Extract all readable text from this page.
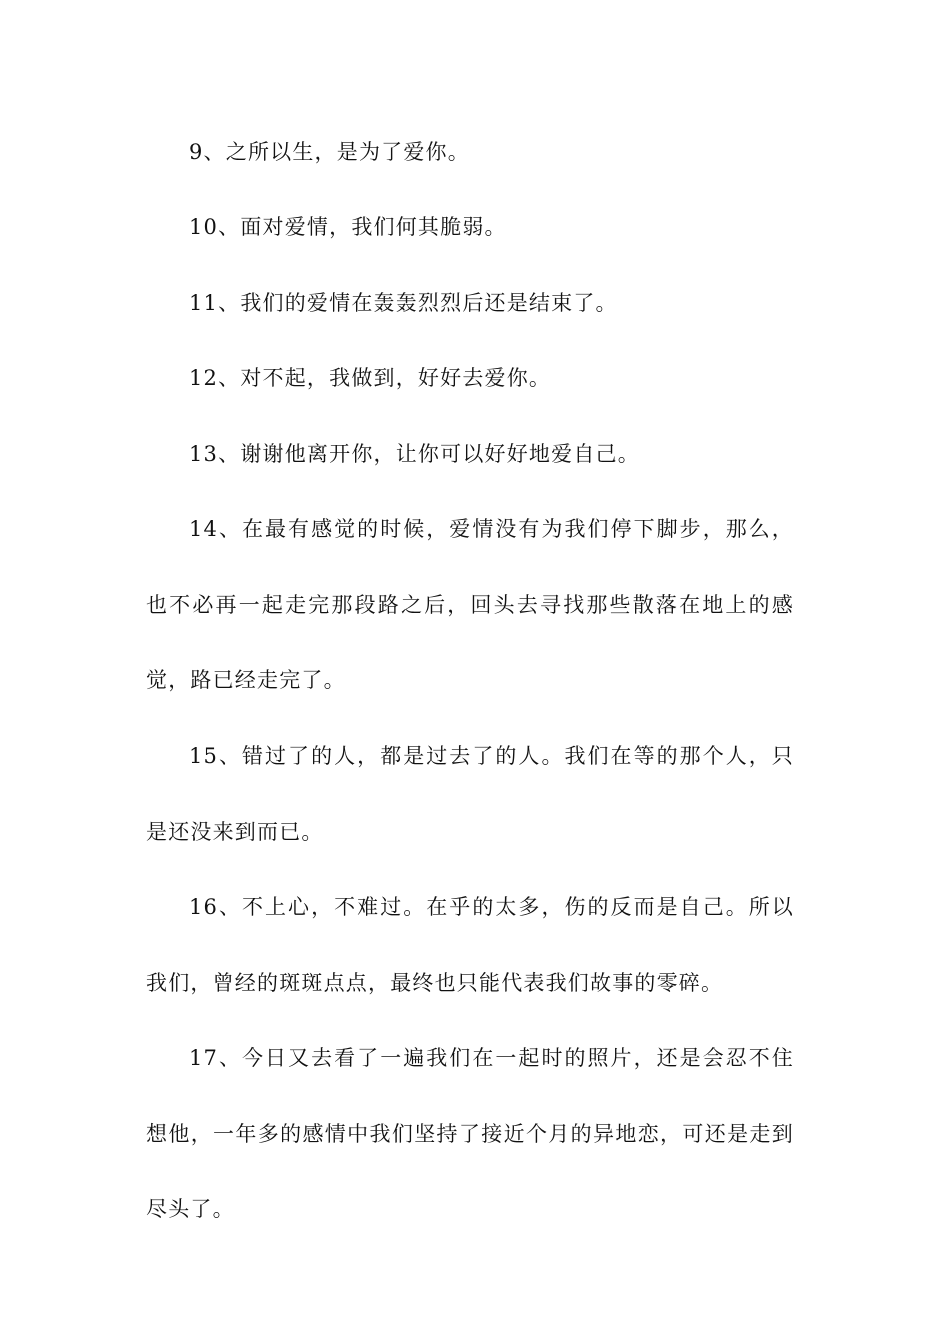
9、之所以生，是为了爱你。

10、面对爱情，我们何其脆弱。

11、我们的爱情在轰轰烈烈后还是结束了。

12、对不起，我做到，好好去爱你。

13、谢谢他离开你，让你可以好好地爱自己。

14、在最有感觉的时候，爱情没有为我们停下脚步，那么，也不必再一起走完那段路之后，回头去寻找那些散落在地上的感觉，路已经走完了。

15、错过了的人，都是过去了的人。我们在等的那个人，只是还没来到而已。

16、不上心，不难过。在乎的太多，伤的反而是自己。所以我们，曾经的斑斑点点，最终也只能代表我们故事的零碎。

17、今日又去看了一遍我们在一起时的照片，还是会忍不住想他，一年多的感情中我们坚持了接近个月的异地恋，可还是走到尽头了。
